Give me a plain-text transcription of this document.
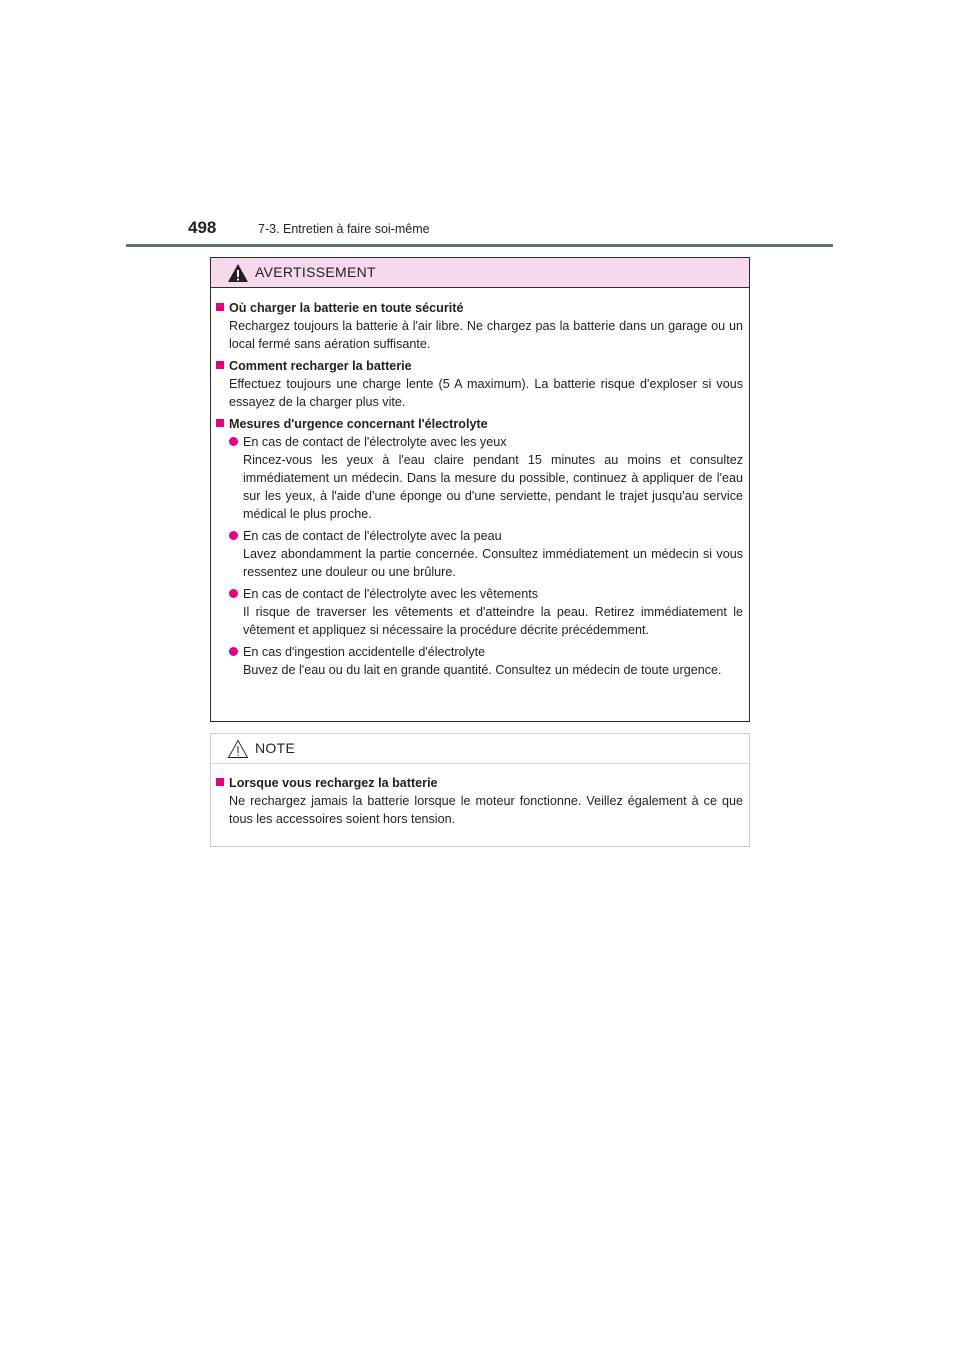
498	7-3. Entretien à faire soi-même
AVERTISSEMENT
Où charger la batterie en toute sécurité
Rechargez toujours la batterie à l'air libre. Ne chargez pas la batterie dans un garage ou un local fermé sans aération suffisante.
Comment recharger la batterie
Effectuez toujours une charge lente (5 A maximum). La batterie risque d'exploser si vous essayez de la charger plus vite.
Mesures d'urgence concernant l'électrolyte
En cas de contact de l'électrolyte avec les yeux
Rincez-vous les yeux à l'eau claire pendant 15 minutes au moins et consultez immédiatement un médecin. Dans la mesure du possible, continuez à appliquer de l'eau sur les yeux, à l'aide d'une éponge ou d'une serviette, pendant le trajet jusqu'au service médical le plus proche.
En cas de contact de l'électrolyte avec la peau
Lavez abondamment la partie concernée. Consultez immédiatement un médecin si vous ressentez une douleur ou une brûlure.
En cas de contact de l'électrolyte avec les vêtements
Il risque de traverser les vêtements et d'atteindre la peau. Retirez immédiatement le vêtement et appliquez si nécessaire la procédure décrite précédemment.
En cas d'ingestion accidentelle d'électrolyte
Buvez de l'eau ou du lait en grande quantité. Consultez un médecin de toute urgence.
NOTE
Lorsque vous rechargez la batterie
Ne rechargez jamais la batterie lorsque le moteur fonctionne. Veillez également à ce que tous les accessoires soient hors tension.
